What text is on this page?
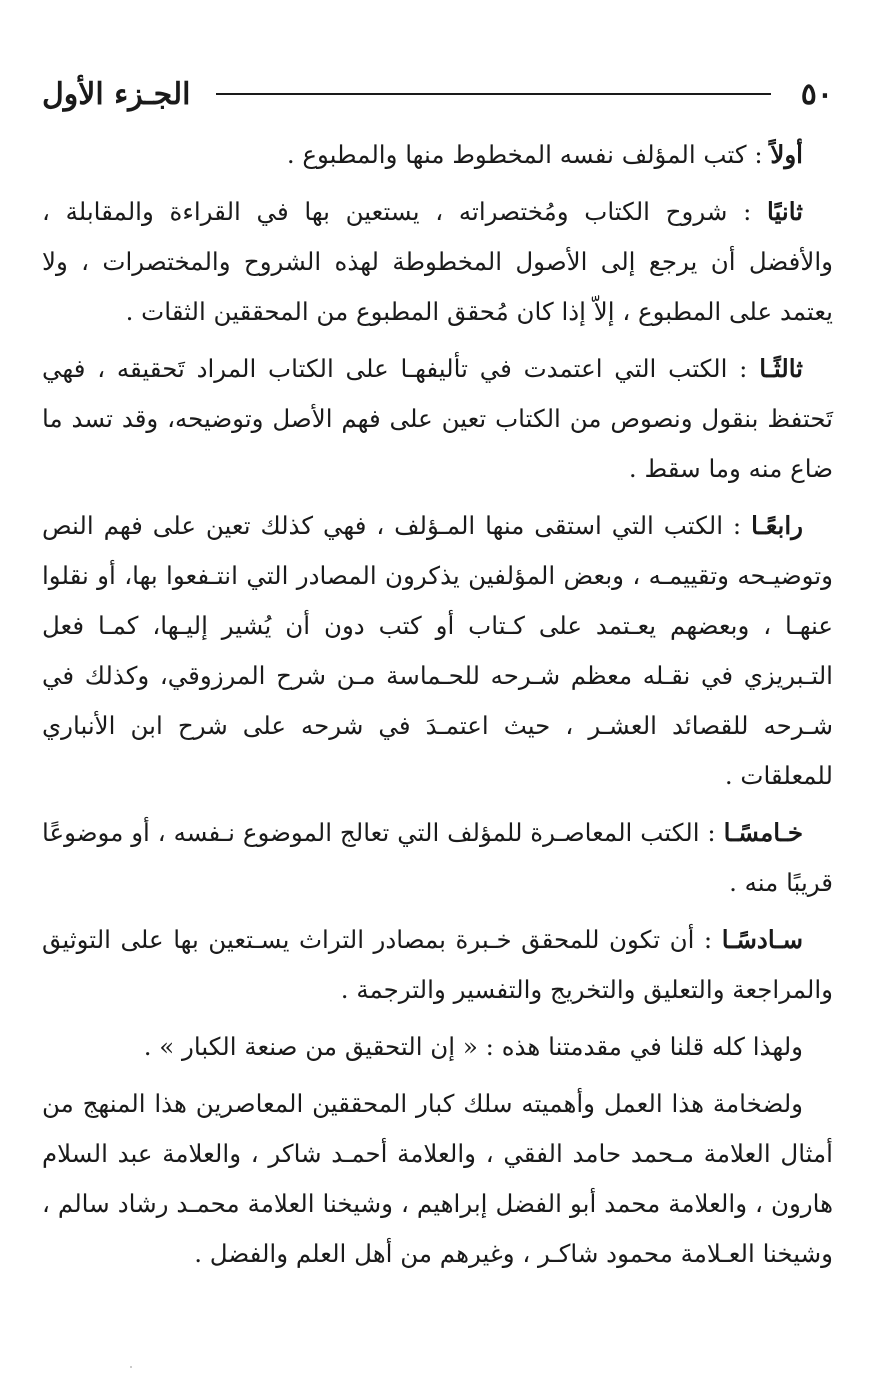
٥٠
الجـزء الأول

أولاً : كتب المؤلف نفسه المخطوط منها والمطبوع .

ثانيًا : شروح الكتاب ومُختصراته ، يستعين بها في القراءة والمقابلة ، والأفضل أن يرجع إلى الأصول المخطوطة لهذه الشروح والمختصرات ، ولا يعتمد على المطبوع ، إلاّ إذا كان مُحقق المطبوع من المحققين الثقات .

ثالثًـا : الكتب التي اعتمدت في تأليفهـا على الكتاب المراد تَحقيقه ، فهي تَحتفظ بنقول ونصوص من الكتاب تعين على فهم الأصل وتوضيحه، وقد تسد ما ضاع منه وما سقط .

رابعًـا : الكتب التي استقى منها المـؤلف ، فهي كذلك تعين على فهم النص وتوضيـحه وتقييمـه ، وبعض المؤلفين يذكرون المصادر التي انتـفعوا بها، أو نقلوا عنهـا ، وبعضهم يعـتمد على كـتاب أو كتب دون أن يُشير إليـها، كمـا فعل التـبريزي في نقـله معظم شـرحه للحـماسة مـن شرح المرزوقي، وكذلك في شـرحه للقصائد العشـر ، حيث اعتمـدَ في شرحه على شرح ابن الأنباري للمعلقات .

خـامسًـا : الكتب المعاصـرة للمؤلف التي تعالج الموضوع نـفسه ، أو موضوعًا قريبًا منه .

سـادسًـا : أن تكون للمحقق خـبرة بمصادر التراث يسـتعين بها على التوثيق والمراجعة والتعليق والتخريج والتفسير والترجمة .

ولهذا كله قلنا في مقدمتنا هذه : « إن التحقيق من صنعة الكبار » .

ولضخامة هذا العمل وأهميته سلك كبار المحققين المعاصرين هذا المنهج من أمثال العلامة مـحمد حامد الفقي ، والعلامة أحمـد شاكر ، والعلامة عبد السلام هارون ، والعلامة محمد أبو الفضل إبراهيم ، وشيخنا العلامة محمـد رشاد سالم ، وشيخنا العـلامة محمود شاكـر ، وغيرهم من أهل العلم والفضل .
